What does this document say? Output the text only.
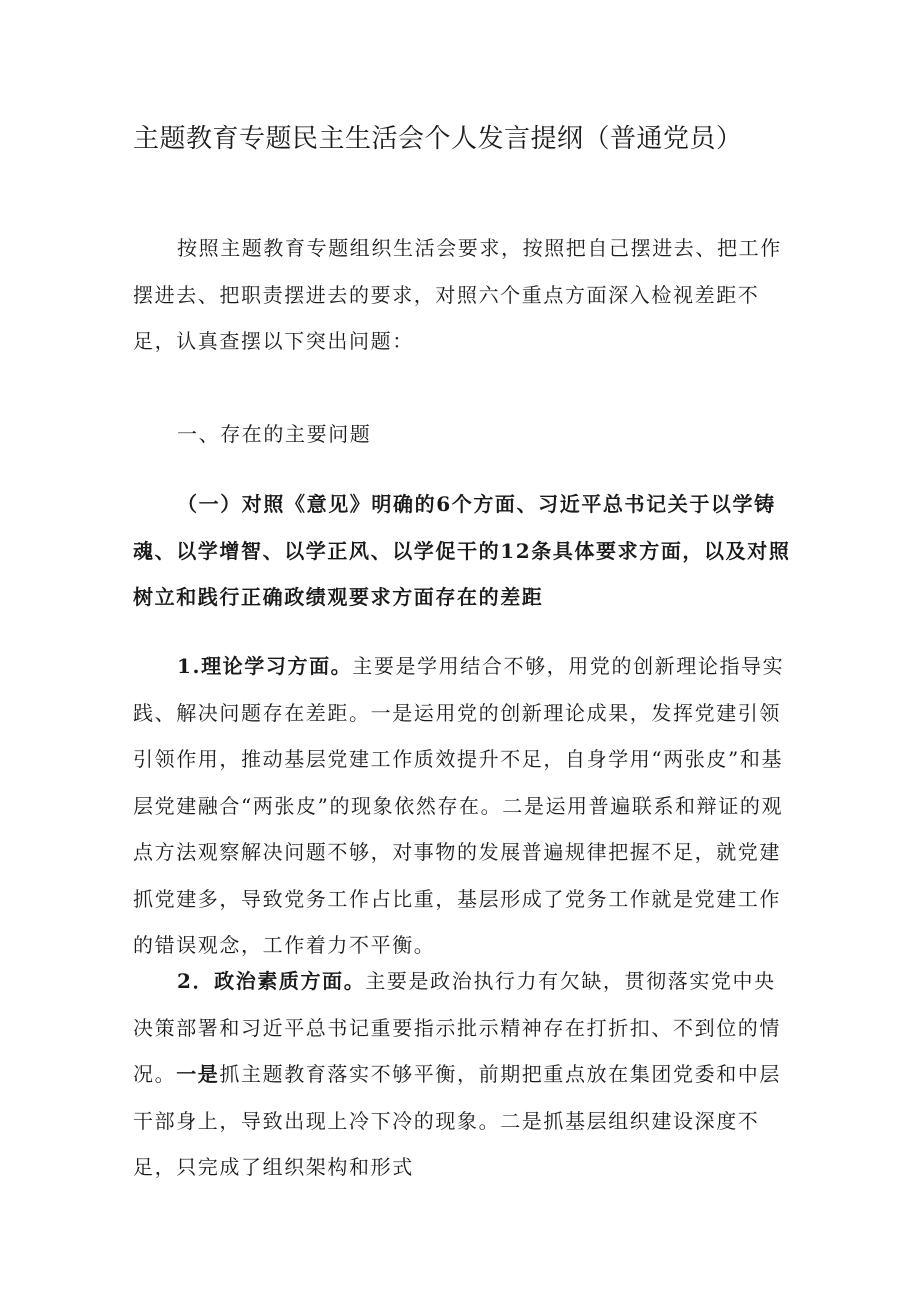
主题教育专题民主生活会个人发言提纲（普通党员）

按照主题教育专题组织生活会要求，按照把自己摆进去、把工作摆进去、把职责摆进去的要求，对照六个重点方面深入检视差距不足，认真查摆以下突出问题：

一、存在的主要问题

（一）对照《意见》明确的6个方面、习近平总书记关于以学铸魂、以学增智、以学正风、以学促干的12条具体要求方面，以及对照树立和践行正确政绩观要求方面存在的差距

1.理论学习方面。主要是学用结合不够，用党的创新理论指导实践、解决问题存在差距。一是运用党的创新理论成果，发挥党建引领引领作用，推动基层党建工作质效提升不足，自身学用“两张皮”和基层党建融合“两张皮”的现象依然存在。二是运用普遍联系和辩证的观点方法观察解决问题不够，对事物的发展普遍规律把握不足，就党建抓党建多，导致党务工作占比重，基层形成了党务工作就是党建工作的错误观念，工作着力不平衡。

2．政治素质方面。主要是政治执行力有欠缺，贯彻落实党中央决策部署和习近平总书记重要指示批示精神存在打折扣、不到位的情况。一是抓主题教育落实不够平衡，前期把重点放在集团党委和中层干部身上，导致出现上冷下冷的现象。二是抓基层组织建设深度不足，只完成了组织架构和形式
